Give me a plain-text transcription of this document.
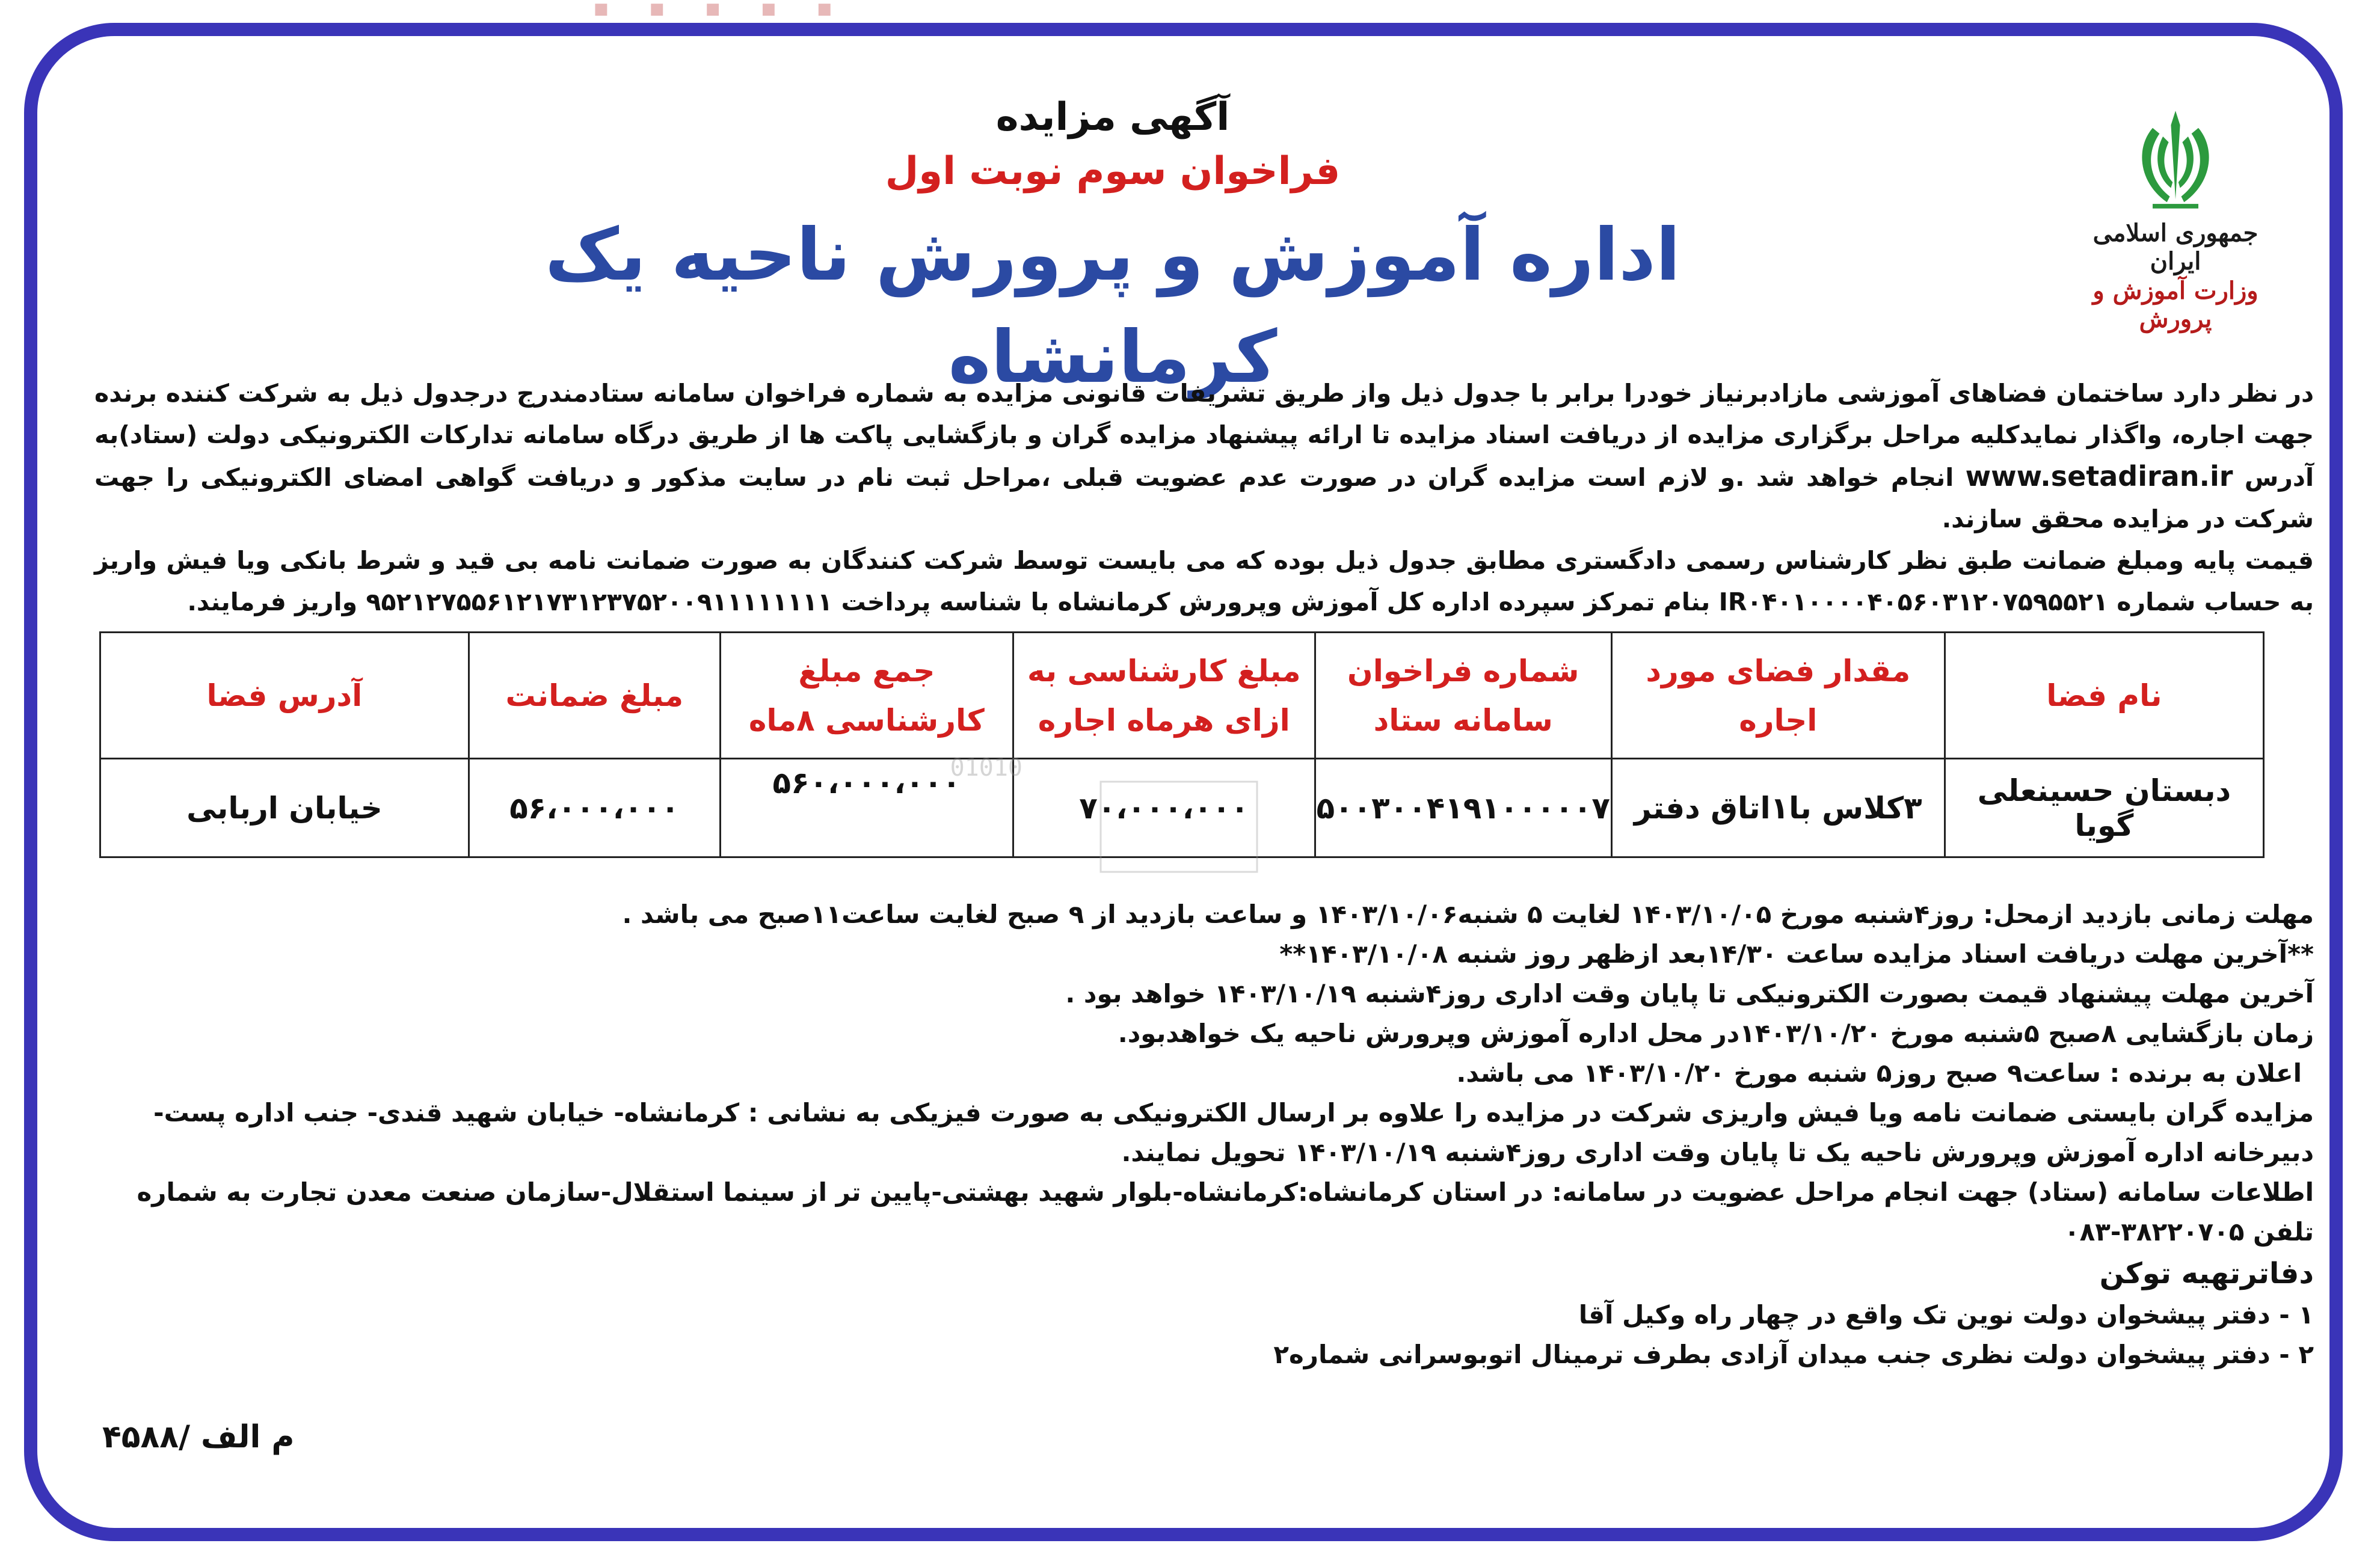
■ ■ ■ ■ ■
جمهوری اسلامی ایران
وزارت آموزش و پرورش
آگهی مزایده
فراخوان سوم نوبت اول
اداره آموزش و پرورش ناحیه یک کرمانشاه

در نظر دارد ساختمان فضاهای آموزشی مازادبرنیاز خودرا برابر با جدول ذیل واز طریق تشریفات قانونی مزایده به شماره فراخوان سامانه ستادمندرج درجدول ذیل به شرکت کننده برنده جهت اجاره، واگذار نمایدکلیه مراحل برگزاری مزایده از دریافت اسناد مزایده تا ارائه پیشنهاد مزایده گران و بازگشایی پاکت ها از طریق درگاه سامانه تدارکات الکترونیکی دولت (ستاد)به آدرس www.setadiran.ir انجام خواهد شد .و لازم است مزایده گران در صورت عدم عضویت قبلی ،مراحل ثبت نام در سایت مذکور و دریافت گواهی امضای الکترونیکی را جهت شرکت در مزایده محقق سازند.

قیمت پایه ومبلغ ضمانت طبق نظر کارشناس رسمی دادگستری مطابق جدول ذیل بوده که می بایست توسط شرکت کنندگان به صورت ضمانت نامه بی قید و شرط بانکی ویا فیش واریز به حساب شماره IR۰۴۰۱۰۰۰۰۴۰۵۶۰۳۱۲۰۷۵۹۵۵۲۱ بنام تمرکز سپرده اداره کل آموزش وپرورش کرمانشاه با شناسه پرداخت ۹۵۲۱۲۷۵۵۶۱۲۱۷۳۱۲۳۷۵۲۰۰۹۱۱۱۱۱۱۱۱ واریز فرمایند.

نام فضا	مقدار فضای مورد اجاره	شماره فراخوان سامانه ستاد	مبلغ کارشناسی به ازای هرماه اجاره	جمع مبلغ کارشناسی ۸ماه	مبلغ ضمانت	آدرس فضا
دبستان حسینعلی گویا	۳کلاس با۱اتاق دفتر	۵۰۰۳۰۰۴۱۹۱۰۰۰۰۰۷	۷۰،۰۰۰،۰۰۰	۵۶۰،۰۰۰،۰۰۰	۵۶،۰۰۰،۰۰۰	خیابان اربابی
01010

مهلت زمانی بازدید ازمحل: روز۴شنبه مورخ ۱۴۰۳/۱۰/۰۵ لغایت ۵ شنبه۱۴۰۳/۱۰/۰۶ و ساعت بازدید از ۹ صبح لغایت ساعت۱۱صبح می باشد .

**آخرین مهلت دریافت اسناد مزایده ساعت ۱۴/۳۰بعد ازظهر روز شنبه ۱۴۰۳/۱۰/۰۸**

آخرین مهلت پیشنهاد قیمت بصورت الکترونیکی تا پایان وقت اداری روز۴شنبه ۱۴۰۳/۱۰/۱۹ خواهد بود .

زمان بازگشایی ۸صبح ۵شنبه مورخ ۱۴۰۳/۱۰/۲۰در محل اداره آموزش وپرورش ناحیه یک خواهدبود.

اعلان به برنده : ساعت۹ صبح روز۵ شنبه مورخ ۱۴۰۳/۱۰/۲۰ می باشد.

مزایده گران بایستی ضمانت نامه ویا فیش واریزی شرکت در مزایده را علاوه بر ارسال الکترونیکی به صورت فیزیکی به نشانی : کرمانشاه- خیابان شهید قندی- جنب اداره پست- دبیرخانه اداره آموزش وپرورش ناحیه یک تا پایان وقت اداری روز۴شنبه ۱۴۰۳/۱۰/۱۹ تحویل نمایند.

اطلاعات سامانه (ستاد) جهت انجام مراحل عضویت در سامانه: در استان کرمانشاه:کرمانشاه-بلوار شهید بهشتی-پایین تر از سینما استقلال-سازمان صنعت معدن تجارت به شماره تلفن ۳۸۲۲۰۷۰۵-۰۸۳

دفاترتهیه توکن

۱ - دفتر پیشخوان دولت نوین تک واقع در چهار راه وکیل آقا

۲ - دفتر پیشخوان دولت نظری جنب میدان آزادی بطرف ترمینال اتوبوسرانی شماره۲

م الف /۴۵۸۸
